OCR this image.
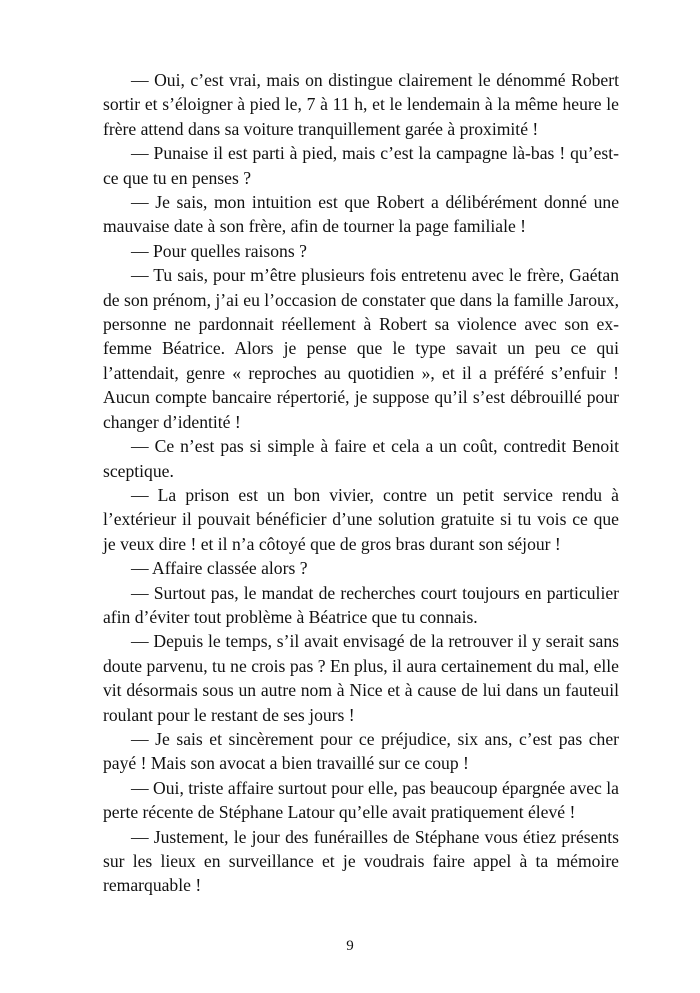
— Oui, c’est vrai, mais on distingue clairement le dénommé Robert sortir et s’éloigner à pied le, 7 à 11 h, et le lendemain à la même heure le frère attend dans sa voiture tranquillement garée à proximité !

— Punaise il est parti à pied, mais c’est la campagne là-bas ! qu’est-ce que tu en penses ?

— Je sais, mon intuition est que Robert a délibérément donné une mauvaise date à son frère, afin de tourner la page familiale !

— Pour quelles raisons ?

— Tu sais, pour m’être plusieurs fois entretenu avec le frère, Gaétan de son prénom, j’ai eu l’occasion de constater que dans la famille Jaroux, personne ne pardonnait réellement à Robert sa violence avec son ex-femme Béatrice. Alors je pense que le type savait un peu ce qui l’attendait, genre « reproches au quotidien », et il a préféré s’enfuir ! Aucun compte bancaire répertorié, je suppose qu’il s’est débrouillé pour changer d’identité !

— Ce n’est pas si simple à faire et cela a un coût, contredit Benoit sceptique.

— La prison est un bon vivier, contre un petit service rendu à l’extérieur il pouvait bénéficier d’une solution gratuite si tu vois ce que je veux dire ! et il n’a côtoyé que de gros bras durant son séjour !

— Affaire classée alors ?

— Surtout pas, le mandat de recherches court toujours en particulier afin d’éviter tout problème à Béatrice que tu connais.

— Depuis le temps, s’il avait envisagé de la retrouver il y serait sans doute parvenu, tu ne crois pas ? En plus, il aura certainement du mal, elle vit désormais sous un autre nom à Nice et à cause de lui dans un fauteuil roulant pour le restant de ses jours !

— Je sais et sincèrement pour ce préjudice, six ans, c’est pas cher payé ! Mais son avocat a bien travaillé sur ce coup !

— Oui, triste affaire surtout pour elle, pas beaucoup épargnée avec la perte récente de Stéphane Latour qu’elle avait pratiquement élevé !

— Justement, le jour des funérailles de Stéphane vous étiez présents sur les lieux en surveillance et je voudrais faire appel à ta mémoire remarquable !

9
